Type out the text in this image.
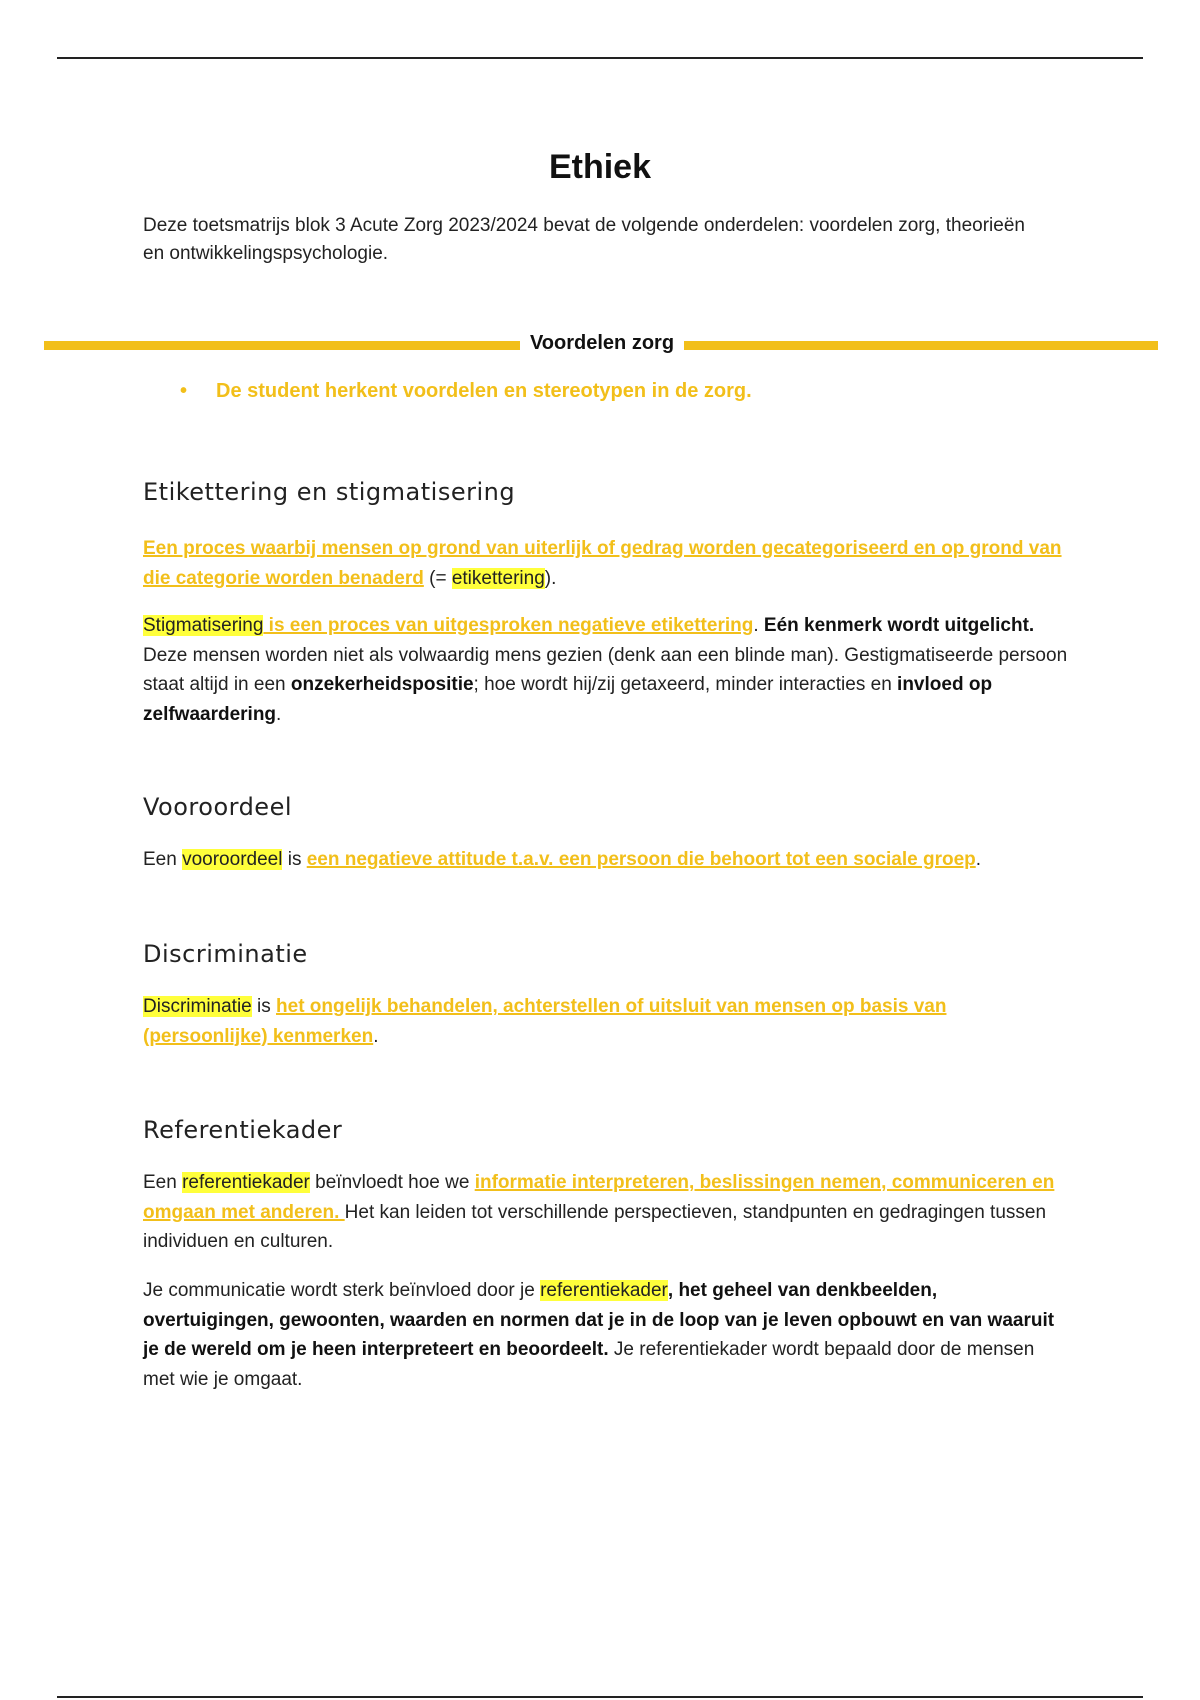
Ethiek

Deze toetsmatrijs blok 3 Acute Zorg 2023/2024 bevat de volgende onderdelen: voordelen zorg, theorieën en ontwikkelingspsychologie.

Voordelen zorg
• De student herkent voordelen en stereotypen in de zorg.
Etikettering en stigmatisering

Een proces waarbij mensen op grond van uiterlijk of gedrag worden gecategoriseerd en op grond van die categorie worden benaderd (= etikettering).

Stigmatisering is een proces van uitgesproken negatieve etikettering. Eén kenmerk wordt uitgelicht. Deze mensen worden niet als volwaardig mens gezien (denk aan een blinde man). Gestigmatiseerde persoon staat altijd in een onzekerheidspositie; hoe wordt hij/zij getaxeerd, minder interacties en invloed op zelfwaardering.

Vooroordeel

Een vooroordeel is een negatieve attitude t.a.v. een persoon die behoort tot een sociale groep.

Discriminatie

Discriminatie is het ongelijk behandelen, achterstellen of uitsluit van mensen op basis van (persoonlijke) kenmerken.

Referentiekader

Een referentiekader beïnvloedt hoe we informatie interpreteren, beslissingen nemen, communiceren en omgaan met anderen. Het kan leiden tot verschillende perspectieven, standpunten en gedragingen tussen individuen en culturen.

Je communicatie wordt sterk beïnvloed door je referentiekader, het geheel van denkbeelden, overtuigingen, gewoonten, waarden en normen dat je in de loop van je leven opbouwt en van waaruit je de wereld om je heen interpreteert en beoordeelt. Je referentiekader wordt bepaald door de mensen met wie je omgaat.
